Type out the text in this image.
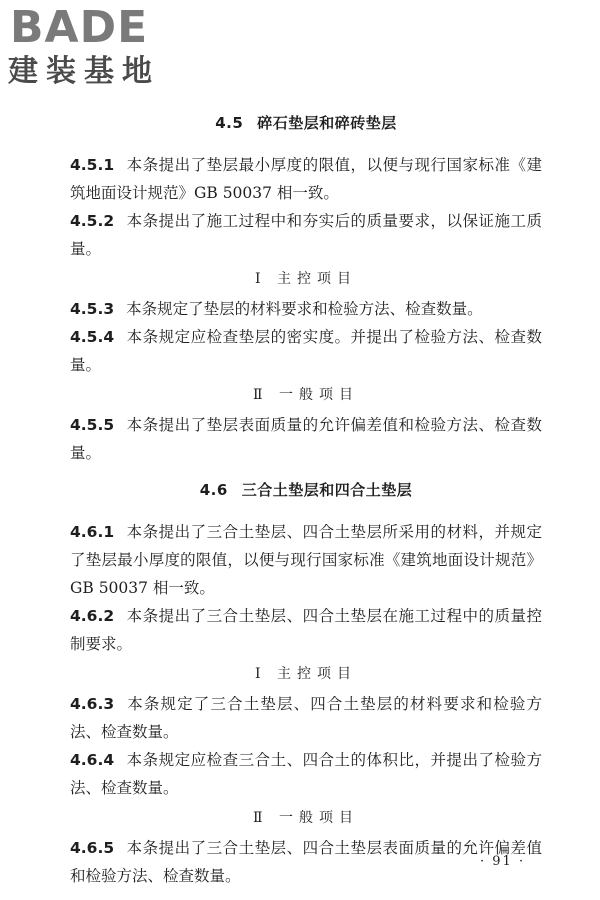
BADE
建装基地
4.5 碎石垫层和碎砖垫层

4.5.1 本条提出了垫层最小厚度的限值，以便与现行国家标准《建筑地面设计规范》GB 50037 相一致。

4.5.2 本条提出了施工过程中和夯实后的质量要求，以保证施工质量。

Ⅰ 主控项目

4.5.3 本条规定了垫层的材料要求和检验方法、检查数量。

4.5.4 本条规定应检查垫层的密实度。并提出了检验方法、检查数量。

Ⅱ 一般项目

4.5.5 本条提出了垫层表面质量的允许偏差值和检验方法、检查数量。

4.6 三合土垫层和四合土垫层

4.6.1 本条提出了三合土垫层、四合土垫层所采用的材料，并规定了垫层最小厚度的限值，以便与现行国家标准《建筑地面设计规范》GB 50037 相一致。

4.6.2 本条提出了三合土垫层、四合土垫层在施工过程中的质量控制要求。

Ⅰ 主控项目

4.6.3 本条规定了三合土垫层、四合土垫层的材料要求和检验方法、检查数量。

4.6.4 本条规定应检查三合土、四合土的体积比，并提出了检验方法、检查数量。

Ⅱ 一般项目

4.6.5 本条提出了三合土垫层、四合土垫层表面质量的允许偏差值和检验方法、检查数量。

· 91 ·
